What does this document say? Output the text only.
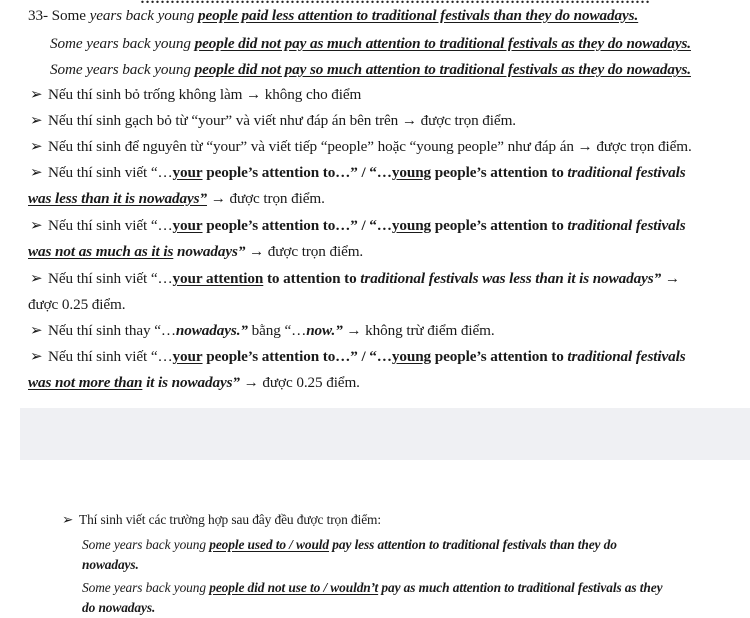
33- Some years back young people paid less attention to traditional festivals than they do nowadays.
Some years back young people did not pay as much attention to traditional festivals as they do nowadays.
Some years back young people did not pay so much attention to traditional festivals as they do nowadays.
➢ Nếu thí sinh bỏ trống không làm → không cho điểm
➢ Nếu thí sinh gạch bỏ từ “your” và viết như đáp án bên trên → được trọn điểm.
➢ Nếu thí sinh để nguyên từ “your” và viết tiếp “people” hoặc “young people” như đáp án → được trọn điểm.
➢ Nếu thí sinh viết “…your people’s attention to…” / “…young people’s attention to traditional festivals
was less than it is nowadays” → được trọn điểm.
➢ Nếu thí sinh viết “…your people’s attention to…” / “…young people’s attention to traditional festivals
was not as much as it is nowadays” → được trọn điểm.
➢ Nếu thí sinh viết “…your attention to attention to traditional festivals was less than it is nowadays” →
được 0.25 điểm.
➢ Nếu thí sinh thay “…nowadays.” bằng “…now.” → không trừ điểm điểm.
➢ Nếu thí sinh viết “…your people’s attention to…” / “…young people’s attention to traditional festivals
was not more than it is nowadays” → được 0.25 điểm.
➢ Thí sinh viết các trường hợp sau đây đều được trọn điểm:
Some years back young people used to / would pay less attention to traditional festivals than they do
nowadays.
Some years back young people did not use to / wouldn’t pay as much attention to traditional festivals as they
do nowadays.
